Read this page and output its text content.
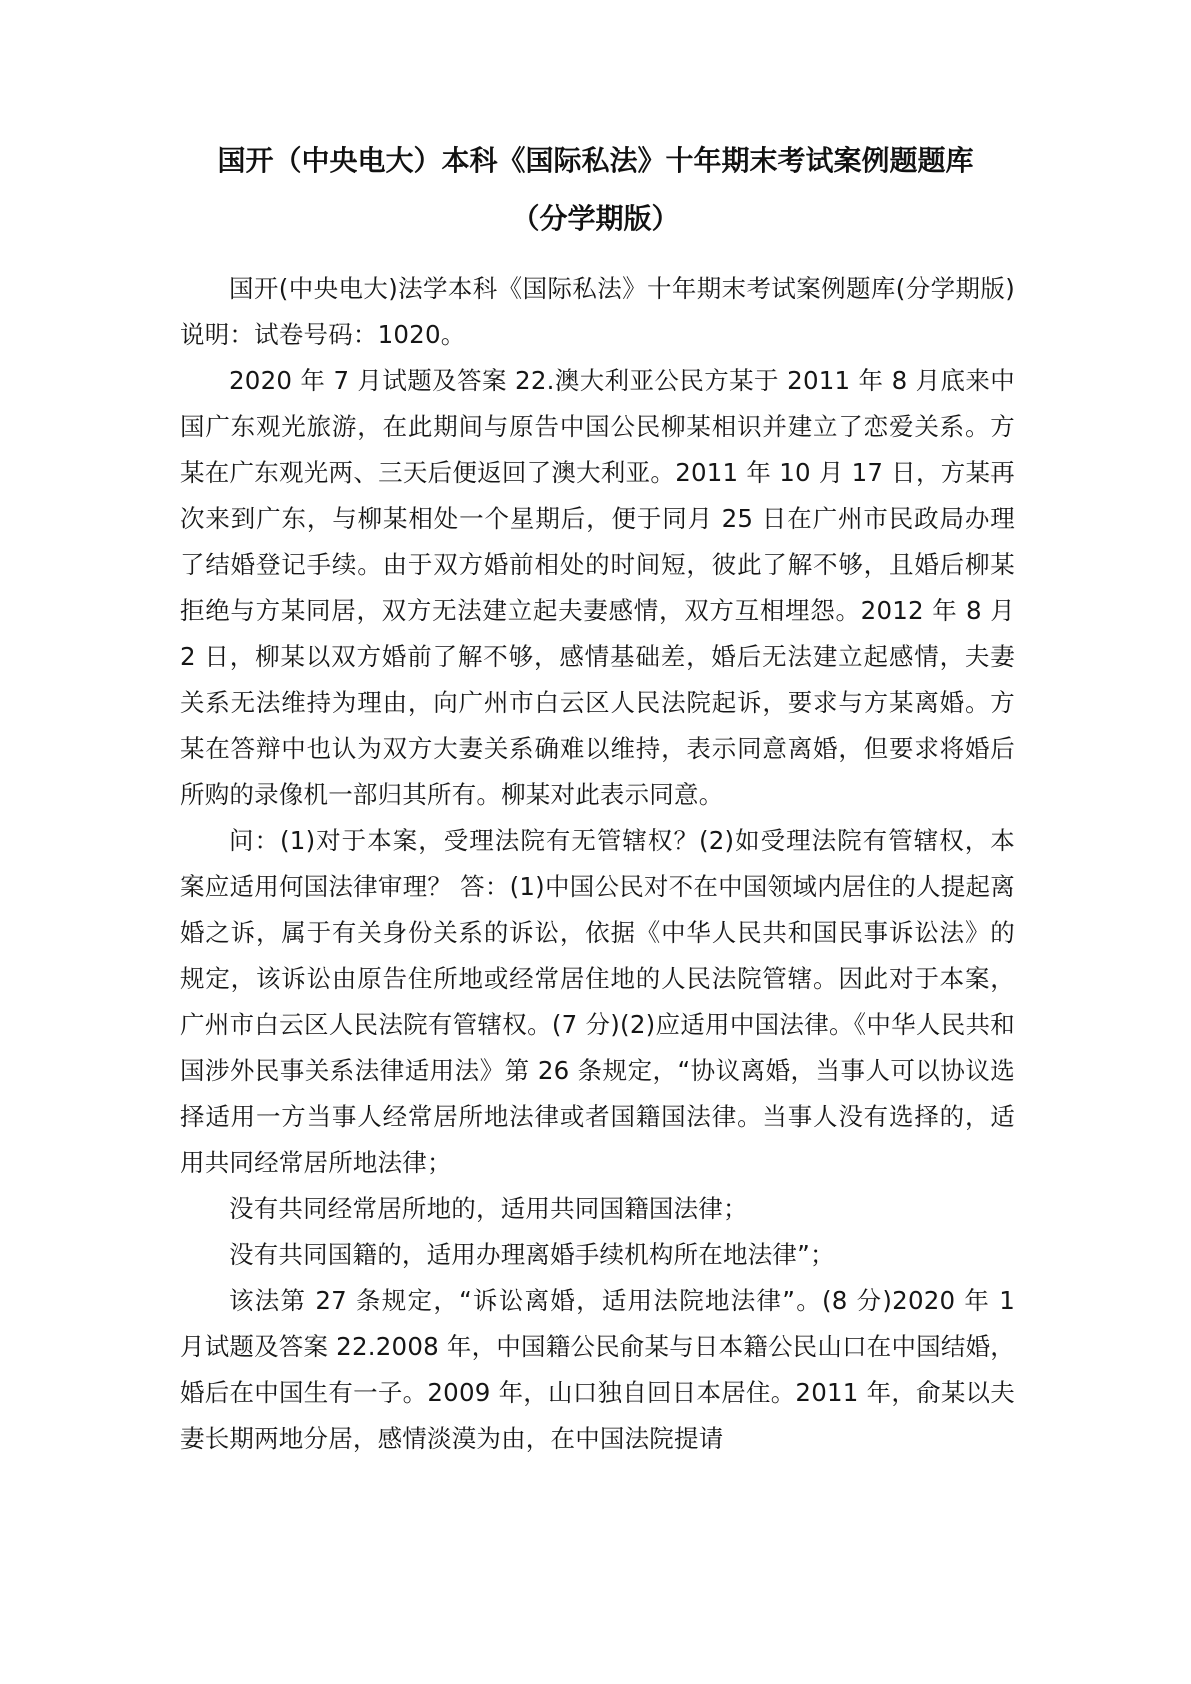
国开（中央电大）本科《国际私法》十年期末考试案例题题库
（分学期版）

国开(中央电大)法学本科《国际私法》十年期末考试案例题库(分学期版)说明：试卷号码：1020。

2020 年 7 月试题及答案 22.澳大利亚公民方某于 2011 年 8 月底来中国广东观光旅游，在此期间与原告中国公民柳某相识并建立了恋爱关系。方某在广东观光两、三天后便返回了澳大利亚。2011 年 10 月 17 日，方某再次来到广东，与柳某相处一个星期后，便于同月 25 日在广州市民政局办理了结婚登记手续。由于双方婚前相处的时间短，彼此了解不够，且婚后柳某拒绝与方某同居，双方无法建立起夫妻感情，双方互相埋怨。2012 年 8 月 2 日，柳某以双方婚前了解不够，感情基础差，婚后无法建立起感情，夫妻关系无法维持为理由，向广州市白云区人民法院起诉，要求与方某离婚。方某在答辩中也认为双方大妻关系确难以维持，表示同意离婚，但要求将婚后所购的录像机一部归其所有。柳某对此表示同意。

问：(1)对于本案，受理法院有无管辖权？(2)如受理法院有管辖权，本案应适用何国法律审理？ 答：(1)中国公民对不在中国领域内居住的人提起离婚之诉，属于有关身份关系的诉讼，依据《中华人民共和国民事诉讼法》的规定，该诉讼由原告住所地或经常居住地的人民法院管辖。因此对于本案，广州市白云区人民法院有管辖权。(7 分)(2)应适用中国法律。《中华人民共和国涉外民事关系法律适用法》第 26 条规定，“协议离婚，当事人可以协议选择适用一方当事人经常居所地法律或者国籍国法律。当事人没有选择的，适用共同经常居所地法律；

没有共同经常居所地的，适用共同国籍国法律；

没有共同国籍的，适用办理离婚手续机构所在地法律”；

该法第 27 条规定，“诉讼离婚，适用法院地法律”。(8 分)2020 年 1 月试题及答案 22.2008 年，中国籍公民俞某与日本籍公民山口在中国结婚，婚后在中国生有一子。2009 年，山口独自回日本居住。2011 年，俞某以夫妻长期两地分居，感情淡漠为由，在中国法院提请
